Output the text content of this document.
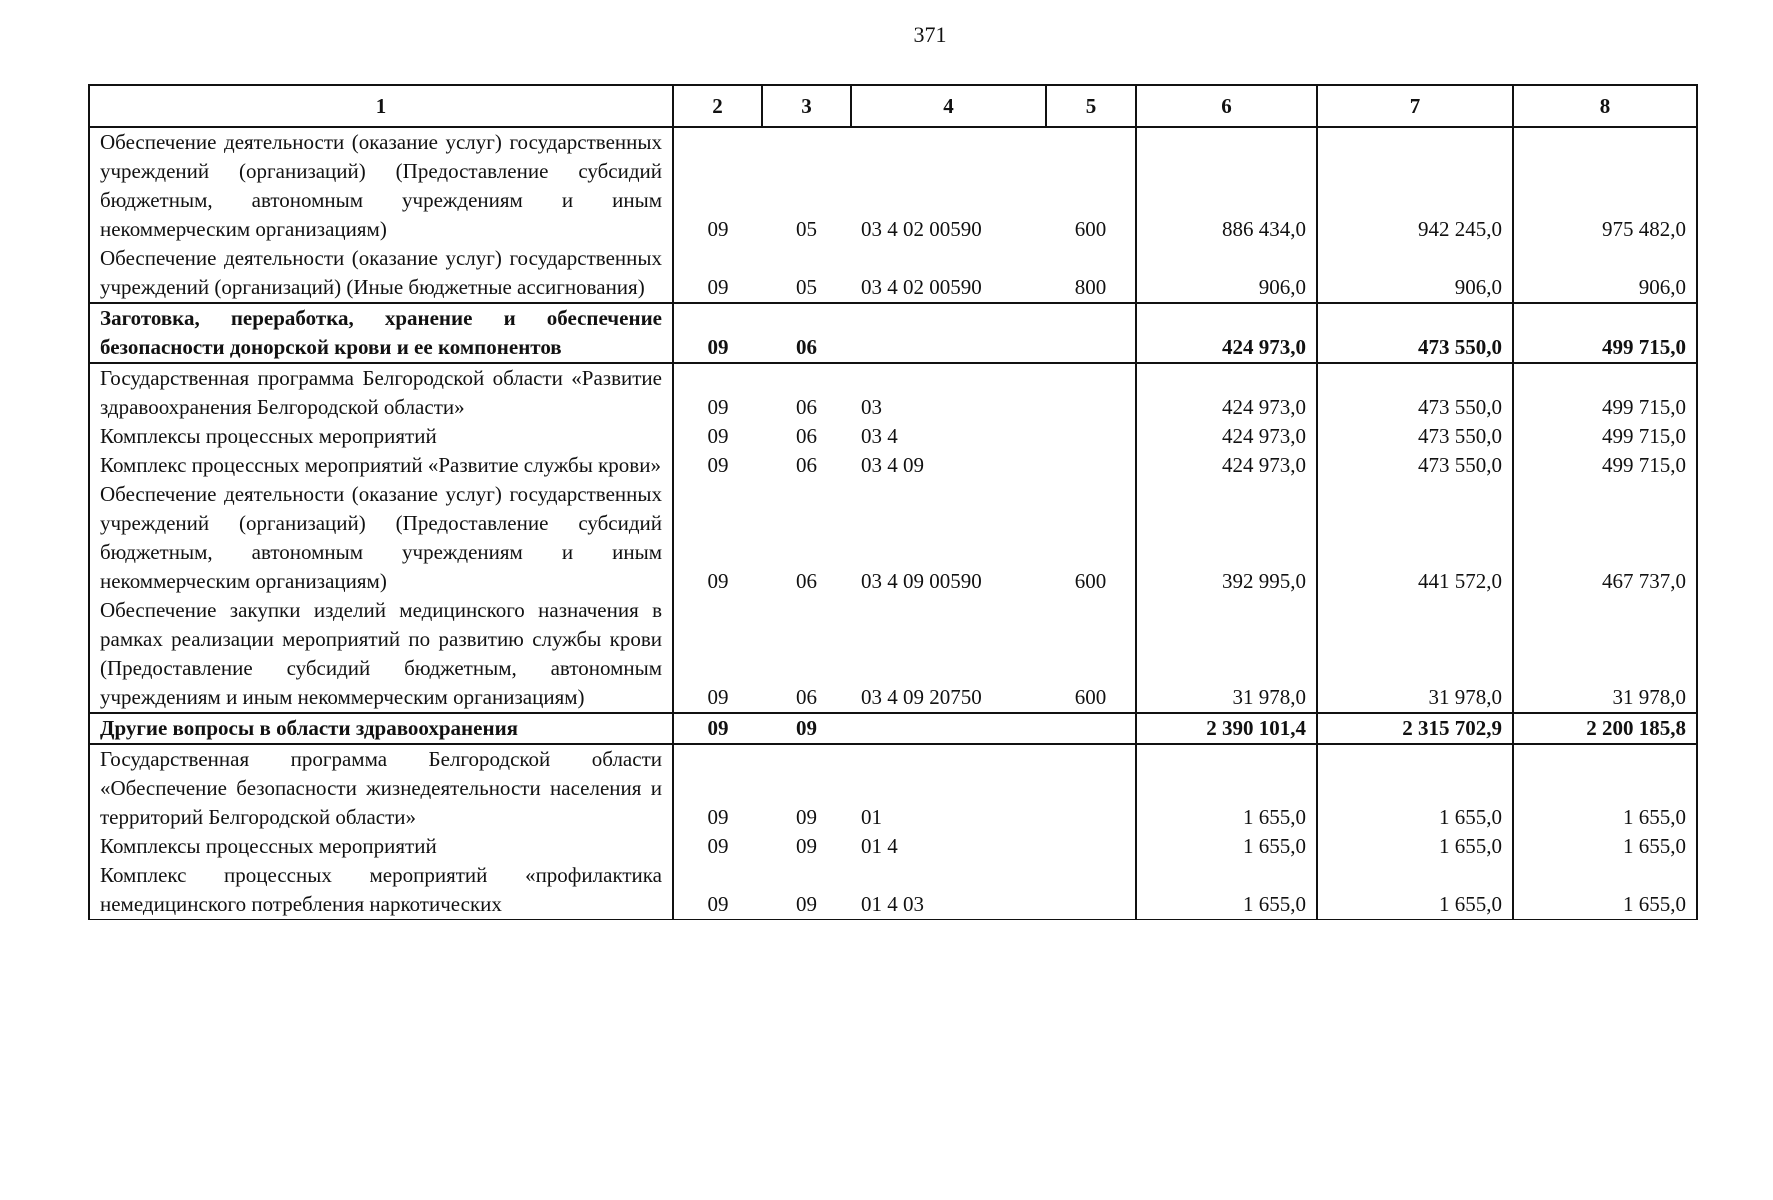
371
1	2	3	4	5	6	7	8
Обеспечение деятельности (оказание услуг) государственных учреждений (организаций) (Предоставление субсидий бюджетным, автономным учреждениям и иным некоммерческим организациям)	09	05	03 4 02 00590	600	886 434,0	942 245,0	975 482,0
Обеспечение деятельности (оказание услуг) государственных учреждений (организаций) (Иные бюджетные ассигнования)	09	05	03 4 02 00590	800	906,0	906,0	906,0
Заготовка, переработка, хранение и обеспечение безопасности донорской крови и ее компонентов	09	06			424 973,0	473 550,0	499 715,0
Государственная программа Белгородской области «Развитие здравоохранения Белгородской области»	09	06	03		424 973,0	473 550,0	499 715,0
Комплексы процессных мероприятий	09	06	03 4		424 973,0	473 550,0	499 715,0
Комплекс процессных мероприятий «Развитие службы крови»	09	06	03 4 09		424 973,0	473 550,0	499 715,0
Обеспечение деятельности (оказание услуг) государственных учреждений (организаций) (Предоставление субсидий бюджетным, автономным учреждениям и иным некоммерческим организациям)	09	06	03 4 09 00590	600	392 995,0	441 572,0	467 737,0
Обеспечение закупки изделий медицинского назначения в рамках реализации мероприятий по развитию службы крови (Предоставление субсидий бюджетным, автономным учреждениям и иным некоммерческим организациям)	09	06	03 4 09 20750	600	31 978,0	31 978,0	31 978,0
Другие вопросы в области здравоохранения	09	09			2 390 101,4	2 315 702,9	2 200 185,8
Государственная программа Белгородской области «Обеспечение безопасности жизнедеятельности населения и территорий Белгородской области»	09	09	01		1 655,0	1 655,0	1 655,0
Комплексы процессных мероприятий	09	09	01 4		1 655,0	1 655,0	1 655,0
Комплекс процессных мероприятий «профилактика немедицинского потребления наркотических	09	09	01 4 03		1 655,0	1 655,0	1 655,0
